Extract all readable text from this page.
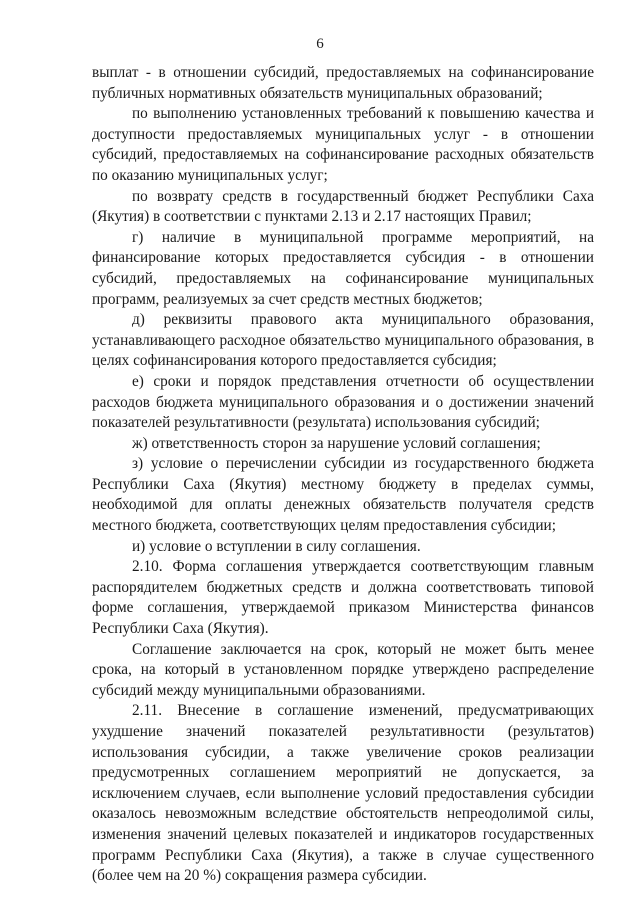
6

выплат - в отношении субсидий, предоставляемых на софинансирование публичных нормативных обязательств муниципальных образований;

по выполнению установленных требований к повышению качества и доступности предоставляемых муниципальных услуг - в отношении субсидий, предоставляемых на софинансирование расходных обязательств по оказанию муниципальных услуг;

по возврату средств в государственный бюджет Республики Саха (Якутия) в соответствии с пунктами 2.13 и 2.17 настоящих Правил;

г) наличие в муниципальной программе мероприятий, на финансирование которых предоставляется субсидия - в отношении субсидий, предоставляемых на софинансирование муниципальных программ, реализуемых за счет средств местных бюджетов;

д) реквизиты правового акта муниципального образования, устанавливающего расходное обязательство муниципального образования, в целях софинансирования которого предоставляется субсидия;

е) сроки и порядок представления отчетности об осуществлении расходов бюджета муниципального образования и о достижении значений показателей результативности (результата) использования субсидий;

ж) ответственность сторон за нарушение условий соглашения;

з) условие о перечислении субсидии из государственного бюджета Республики Саха (Якутия) местному бюджету в пределах суммы, необходимой для оплаты денежных обязательств получателя средств местного бюджета, соответствующих целям предоставления субсидии;

и) условие о вступлении в силу соглашения.

2.10. Форма соглашения утверждается соответствующим главным распорядителем бюджетных средств и должна соответствовать типовой форме соглашения, утверждаемой приказом Министерства финансов Республики Саха (Якутия).

Соглашение заключается на срок, который не может быть менее срока, на который в установленном порядке утверждено распределение субсидий между муниципальными образованиями.

2.11. Внесение в соглашение изменений, предусматривающих ухудшение значений показателей результативности (результатов) использования субсидии, а также увеличение сроков реализации предусмотренных соглашением мероприятий не допускается, за исключением случаев, если выполнение условий предоставления субсидии оказалось невозможным вследствие обстоятельств непреодолимой силы, изменения значений целевых показателей и индикаторов государственных программ Республики Саха (Якутия), а также в случае существенного (более чем на 20 %) сокращения размера субсидии.
